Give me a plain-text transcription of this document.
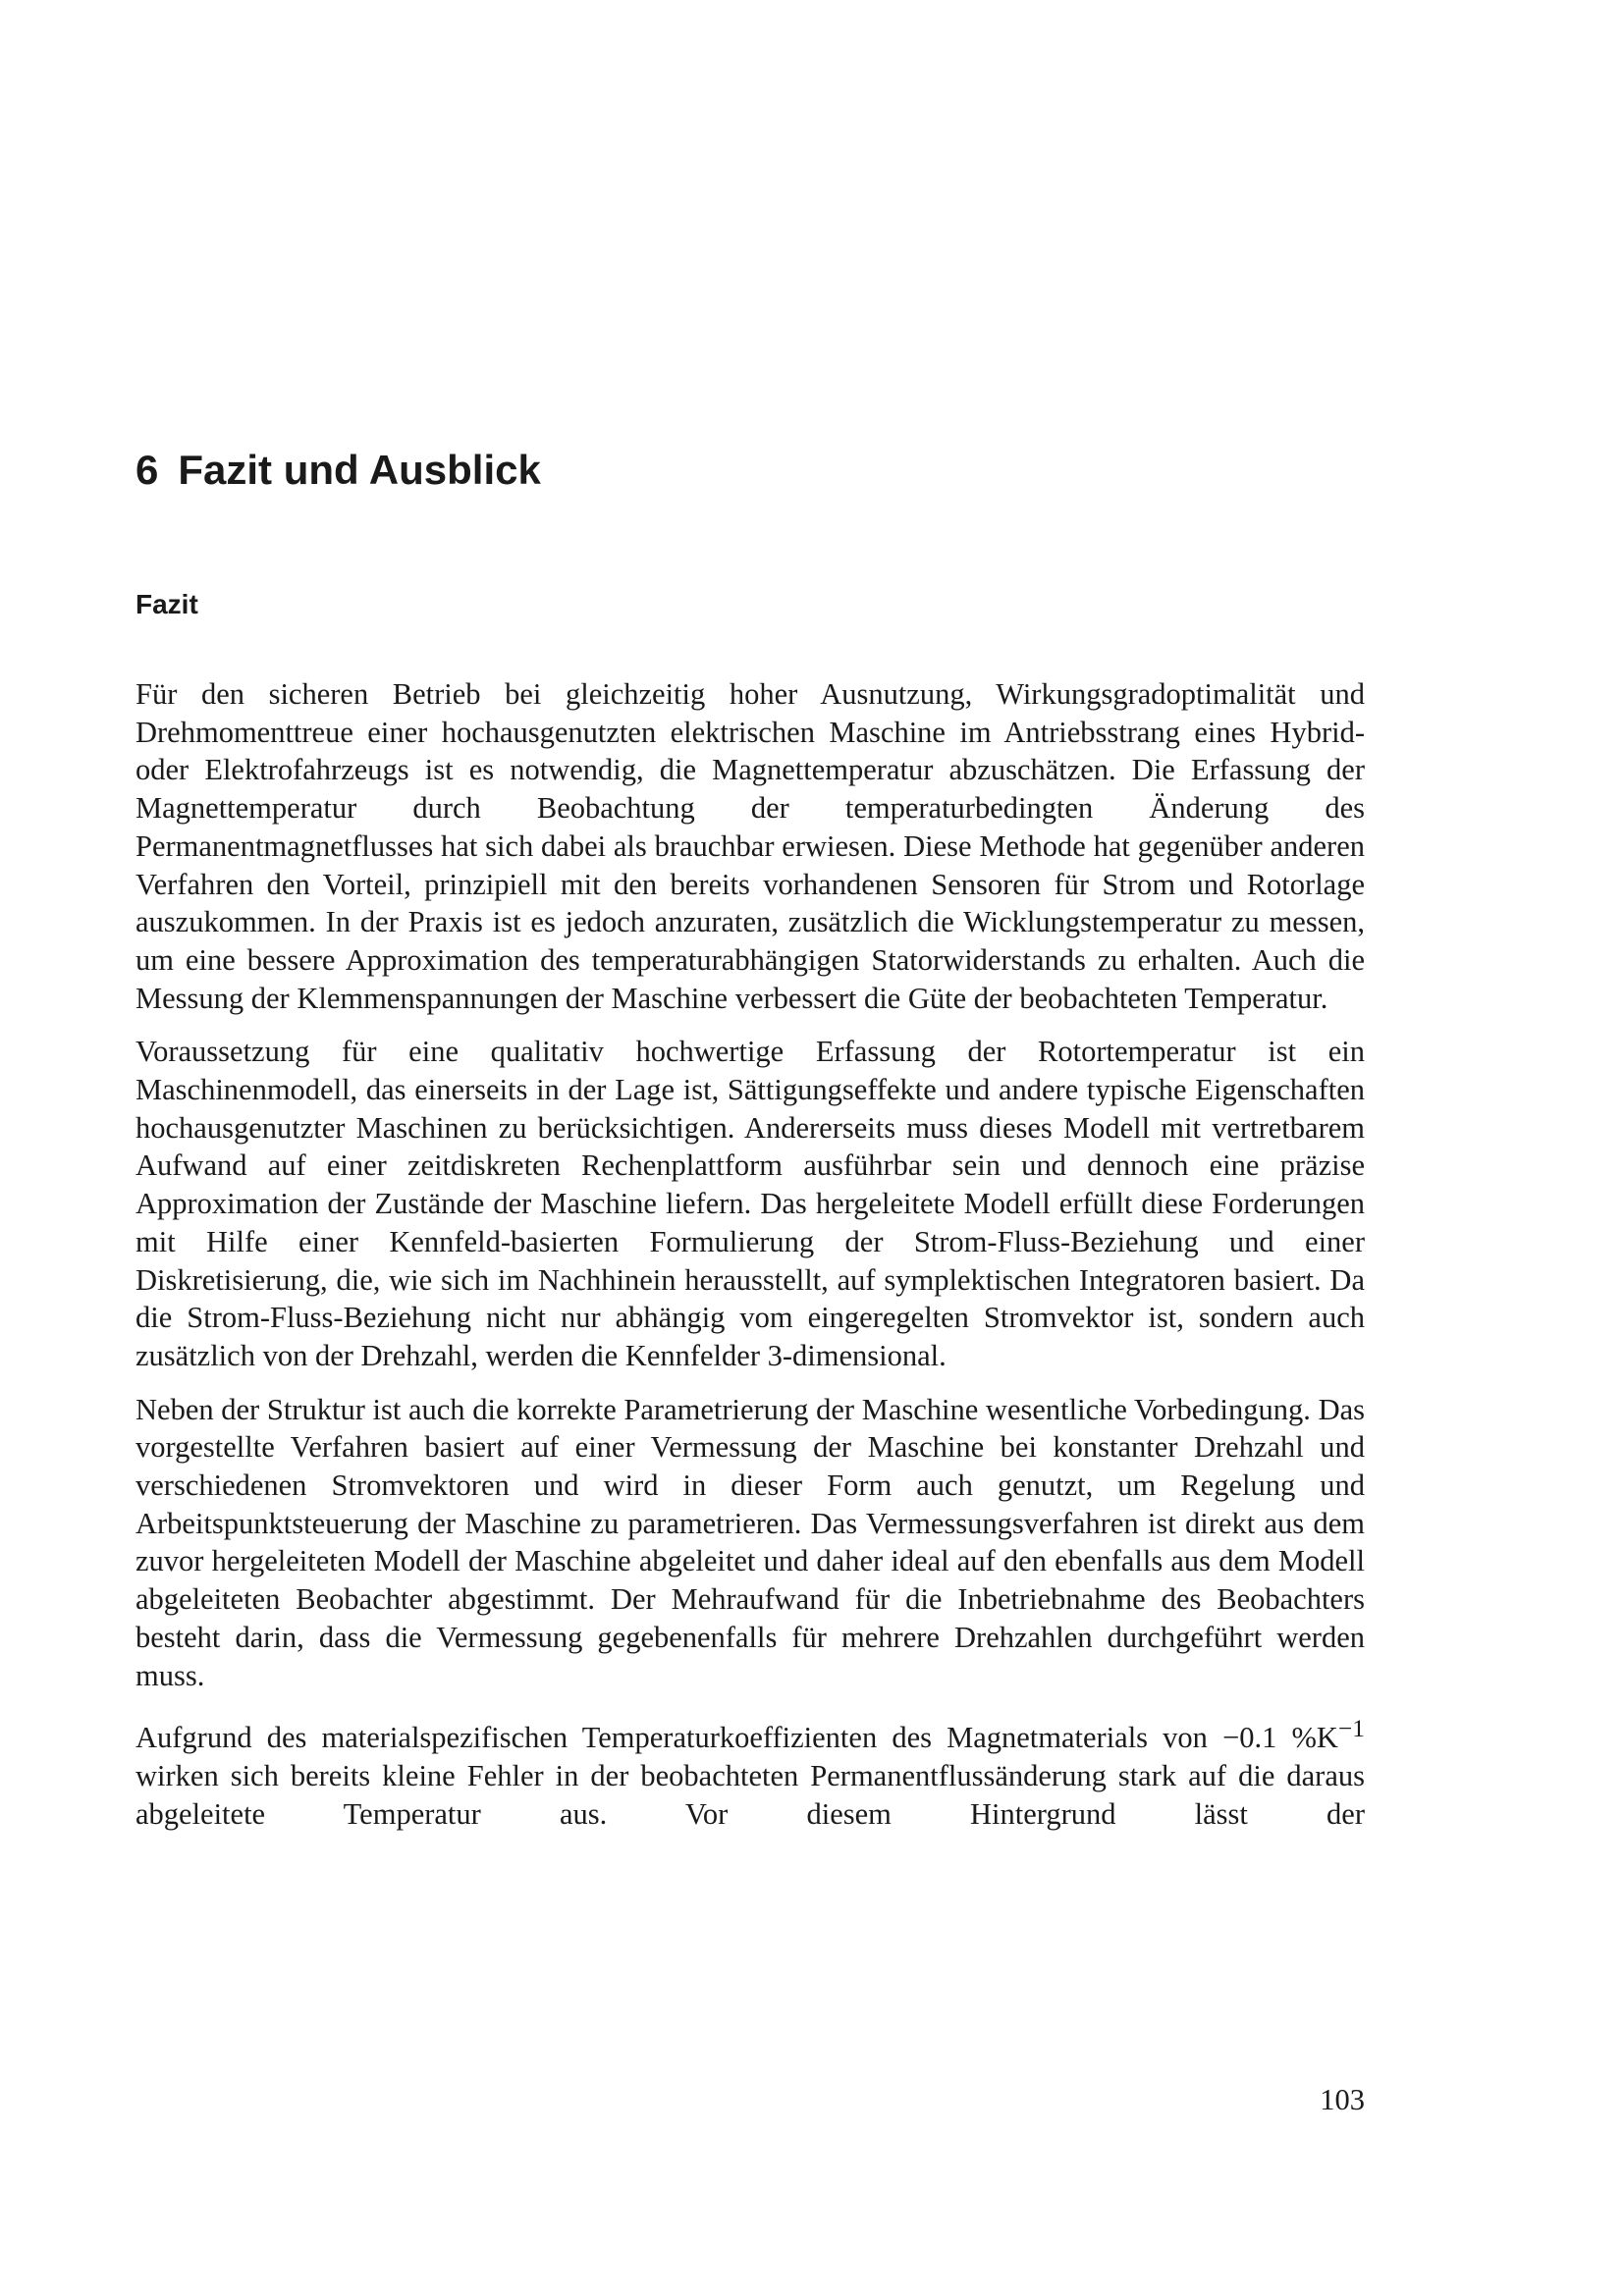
6 Fazit und Ausblick
Fazit

Für den sicheren Betrieb bei gleichzeitig hoher Ausnutzung, Wirkungsgradoptimalität und Drehmomenttreue einer hochausgenutzten elektrischen Maschine im Antriebsstrang eines Hybrid- oder Elektrofahrzeugs ist es notwendig, die Magnettemperatur abzuschätzen. Die Erfassung der Magnettemperatur durch Beobachtung der temperaturbedingten Änderung des Permanentmagnetflusses hat sich dabei als brauchbar erwiesen. Diese Methode hat gegenüber anderen Verfahren den Vorteil, prinzipiell mit den bereits vorhandenen Sensoren für Strom und Rotorlage auszukommen. In der Praxis ist es jedoch anzuraten, zusätzlich die Wicklungstemperatur zu messen, um eine bessere Approximation des temperaturabhängigen Statorwiderstands zu erhalten. Auch die Messung der Klemmenspannungen der Maschine verbessert die Güte der beobachteten Temperatur.

Voraussetzung für eine qualitativ hochwertige Erfassung der Rotortemperatur ist ein Maschinenmodell, das einerseits in der Lage ist, Sättigungseffekte und andere typische Eigenschaften hochausgenutzter Maschinen zu berücksichtigen. Andererseits muss dieses Modell mit vertretbarem Aufwand auf einer zeitdiskreten Rechenplattform ausführbar sein und dennoch eine präzise Approximation der Zustände der Maschine liefern. Das hergeleitete Modell erfüllt diese Forderungen mit Hilfe einer Kennfeld-basierten Formulierung der Strom-Fluss-Beziehung und einer Diskretisierung, die, wie sich im Nachhinein herausstellt, auf symplektischen Integratoren basiert. Da die Strom-Fluss-Beziehung nicht nur abhängig vom eingeregelten Stromvektor ist, sondern auch zusätzlich von der Drehzahl, werden die Kennfelder 3-dimensional.

Neben der Struktur ist auch die korrekte Parametrierung der Maschine wesentliche Vorbedingung. Das vorgestellte Verfahren basiert auf einer Vermessung der Maschine bei konstanter Drehzahl und verschiedenen Stromvektoren und wird in dieser Form auch genutzt, um Regelung und Arbeitspunktsteuerung der Maschine zu parametrieren. Das Vermessungsverfahren ist direkt aus dem zuvor hergeleiteten Modell der Maschine abgeleitet und daher ideal auf den ebenfalls aus dem Modell abgeleiteten Beobachter abgestimmt. Der Mehraufwand für die Inbetriebnahme des Beobachters besteht darin, dass die Vermessung gegebenenfalls für mehrere Drehzahlen durchgeführt werden muss.

Aufgrund des materialspezifischen Temperaturkoeffizienten des Magnetmaterials von −0.1 $\%K^{-1}$ wirken sich bereits kleine Fehler in der beobachteten Permanentflussänderung stark auf die daraus abgeleitete Temperatur aus. Vor diesem Hintergrund lässt der

103
